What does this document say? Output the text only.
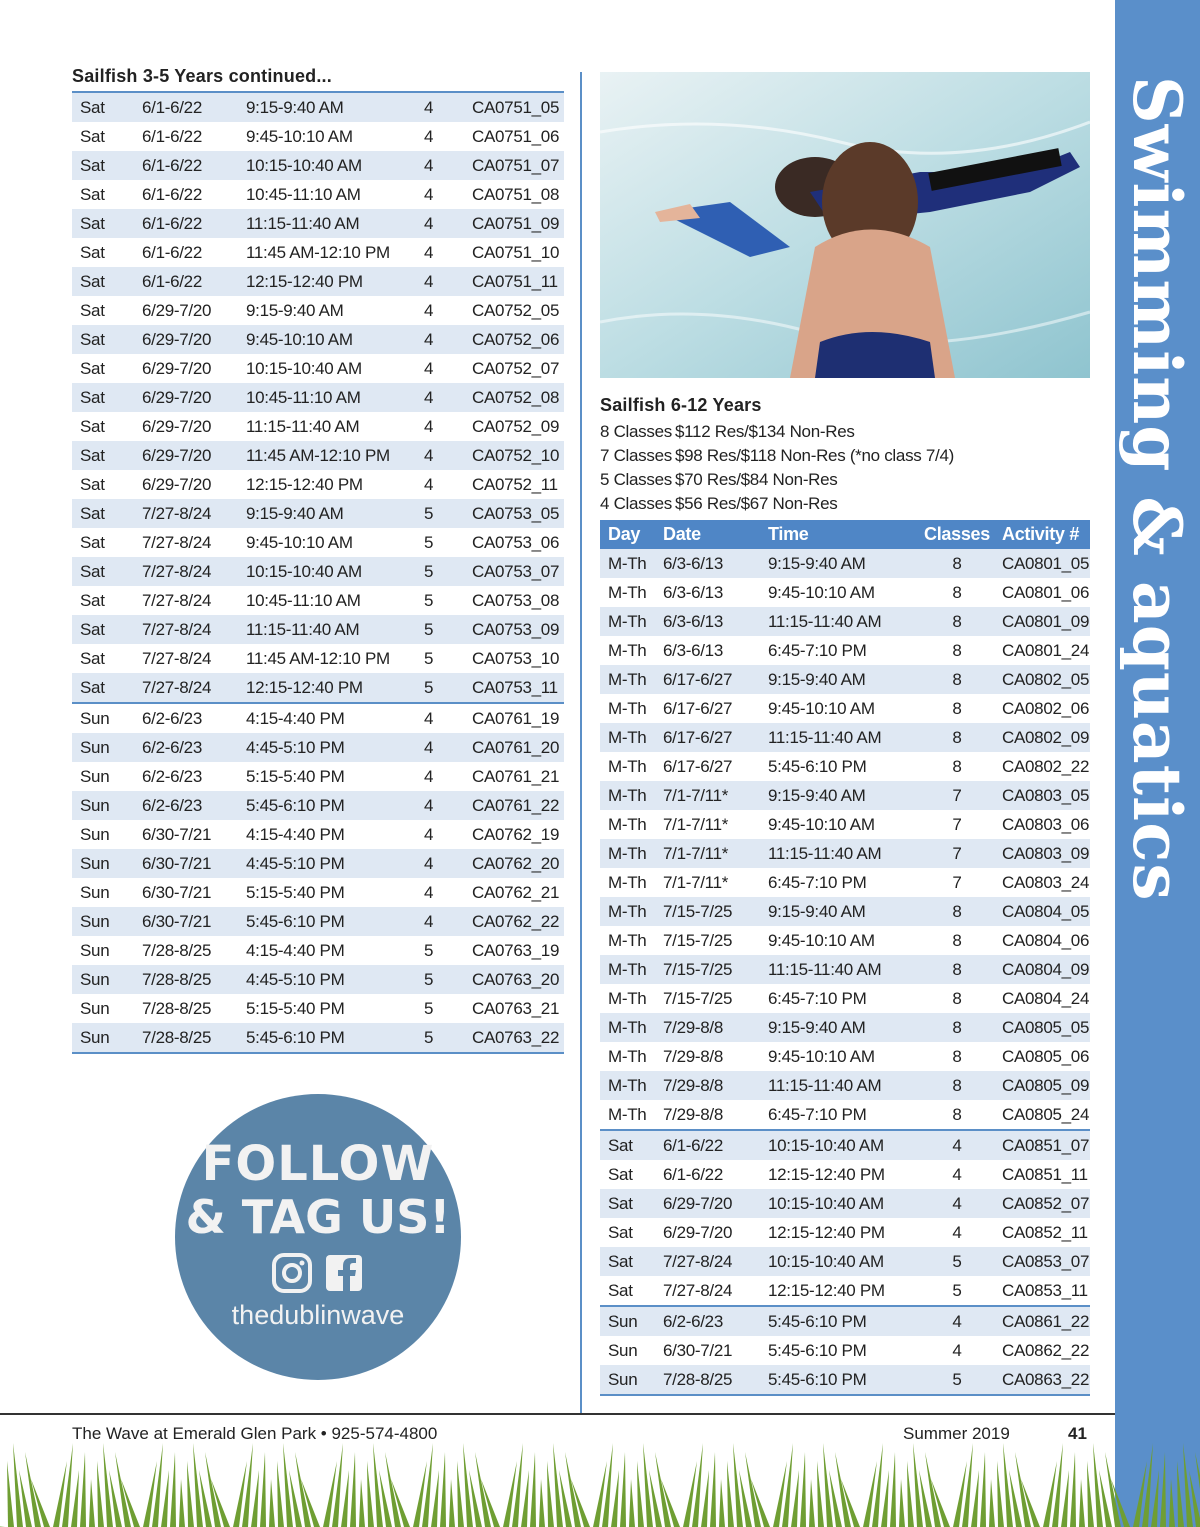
Sailfish 3-5 Years continued...
Sat	6/1-6/22	9:15-9:40 AM	4	CA0751_05
Sat	6/1-6/22	9:45-10:10 AM	4	CA0751_06
Sat	6/1-6/22	10:15-10:40 AM	4	CA0751_07
Sat	6/1-6/22	10:45-11:10 AM	4	CA0751_08
Sat	6/1-6/22	11:15-11:40 AM	4	CA0751_09
Sat	6/1-6/22	11:45 AM-12:10 PM	4	CA0751_10
Sat	6/1-6/22	12:15-12:40 PM	4	CA0751_11
Sat	6/29-7/20	9:15-9:40 AM	4	CA0752_05
Sat	6/29-7/20	9:45-10:10 AM	4	CA0752_06
Sat	6/29-7/20	10:15-10:40 AM	4	CA0752_07
Sat	6/29-7/20	10:45-11:10 AM	4	CA0752_08
Sat	6/29-7/20	11:15-11:40 AM	4	CA0752_09
Sat	6/29-7/20	11:45 AM-12:10 PM	4	CA0752_10
Sat	6/29-7/20	12:15-12:40 PM	4	CA0752_11
Sat	7/27-8/24	9:15-9:40 AM	5	CA0753_05
Sat	7/27-8/24	9:45-10:10 AM	5	CA0753_06
Sat	7/27-8/24	10:15-10:40 AM	5	CA0753_07
Sat	7/27-8/24	10:45-11:10 AM	5	CA0753_08
Sat	7/27-8/24	11:15-11:40 AM	5	CA0753_09
Sat	7/27-8/24	11:45 AM-12:10 PM	5	CA0753_10
Sat	7/27-8/24	12:15-12:40 PM	5	CA0753_11
Sun	6/2-6/23	4:15-4:40 PM	4	CA0761_19
Sun	6/2-6/23	4:45-5:10 PM	4	CA0761_20
Sun	6/2-6/23	5:15-5:40 PM	4	CA0761_21
Sun	6/2-6/23	5:45-6:10 PM	4	CA0761_22
Sun	6/30-7/21	4:15-4:40 PM	4	CA0762_19
Sun	6/30-7/21	4:45-5:10 PM	4	CA0762_20
Sun	6/30-7/21	5:15-5:40 PM	4	CA0762_21
Sun	6/30-7/21	5:45-6:10 PM	4	CA0762_22
Sun	7/28-8/25	4:15-4:40 PM	5	CA0763_19
Sun	7/28-8/25	4:45-5:10 PM	5	CA0763_20
Sun	7/28-8/25	5:15-5:40 PM	5	CA0763_21
Sun	7/28-8/25	5:45-6:10 PM	5	CA0763_22
Sailfish 6-12 Years
8 Classes $112 Res/$134 Non-Res
7 Classes $98 Res/$118 Non-Res (*no class 7/4)
5 Classes $70 Res/$84 Non-Res
4 Classes $56 Res/$67 Non-Res
Day	Date	Time	Classes	Activity #
M-Th	6/3-6/13	9:15-9:40 AM	8	CA0801_05
M-Th	6/3-6/13	9:45-10:10 AM	8	CA0801_06
M-Th	6/3-6/13	11:15-11:40 AM	8	CA0801_09
M-Th	6/3-6/13	6:45-7:10 PM	8	CA0801_24
M-Th	6/17-6/27	9:15-9:40 AM	8	CA0802_05
M-Th	6/17-6/27	9:45-10:10 AM	8	CA0802_06
M-Th	6/17-6/27	11:15-11:40 AM	8	CA0802_09
M-Th	6/17-6/27	5:45-6:10 PM	8	CA0802_22
M-Th	7/1-7/11*	9:15-9:40 AM	7	CA0803_05
M-Th	7/1-7/11*	9:45-10:10 AM	7	CA0803_06
M-Th	7/1-7/11*	11:15-11:40 AM	7	CA0803_09
M-Th	7/1-7/11*	6:45-7:10 PM	7	CA0803_24
M-Th	7/15-7/25	9:15-9:40 AM	8	CA0804_05
M-Th	7/15-7/25	9:45-10:10 AM	8	CA0804_06
M-Th	7/15-7/25	11:15-11:40 AM	8	CA0804_09
M-Th	7/15-7/25	6:45-7:10 PM	8	CA0804_24
M-Th	7/29-8/8	9:15-9:40 AM	8	CA0805_05
M-Th	7/29-8/8	9:45-10:10 AM	8	CA0805_06
M-Th	7/29-8/8	11:15-11:40 AM	8	CA0805_09
M-Th	7/29-8/8	6:45-7:10 PM	8	CA0805_24
Sat	6/1-6/22	10:15-10:40 AM	4	CA0851_07
Sat	6/1-6/22	12:15-12:40 PM	4	CA0851_11
Sat	6/29-7/20	10:15-10:40 AM	4	CA0852_07
Sat	6/29-7/20	12:15-12:40 PM	4	CA0852_11
Sat	7/27-8/24	10:15-10:40 AM	5	CA0853_07
Sat	7/27-8/24	12:15-12:40 PM	5	CA0853_11
Sun	6/2-6/23	5:45-6:10 PM	4	CA0861_22
Sun	6/30-7/21	5:45-6:10 PM	4	CA0862_22
Sun	7/28-8/25	5:45-6:10 PM	5	CA0863_22
Swimming & aquatics
FOLLOW
& TAG US!
thedublinwave
The Wave at Emerald Glen Park • 925-574-4800	Summer 2019	41
